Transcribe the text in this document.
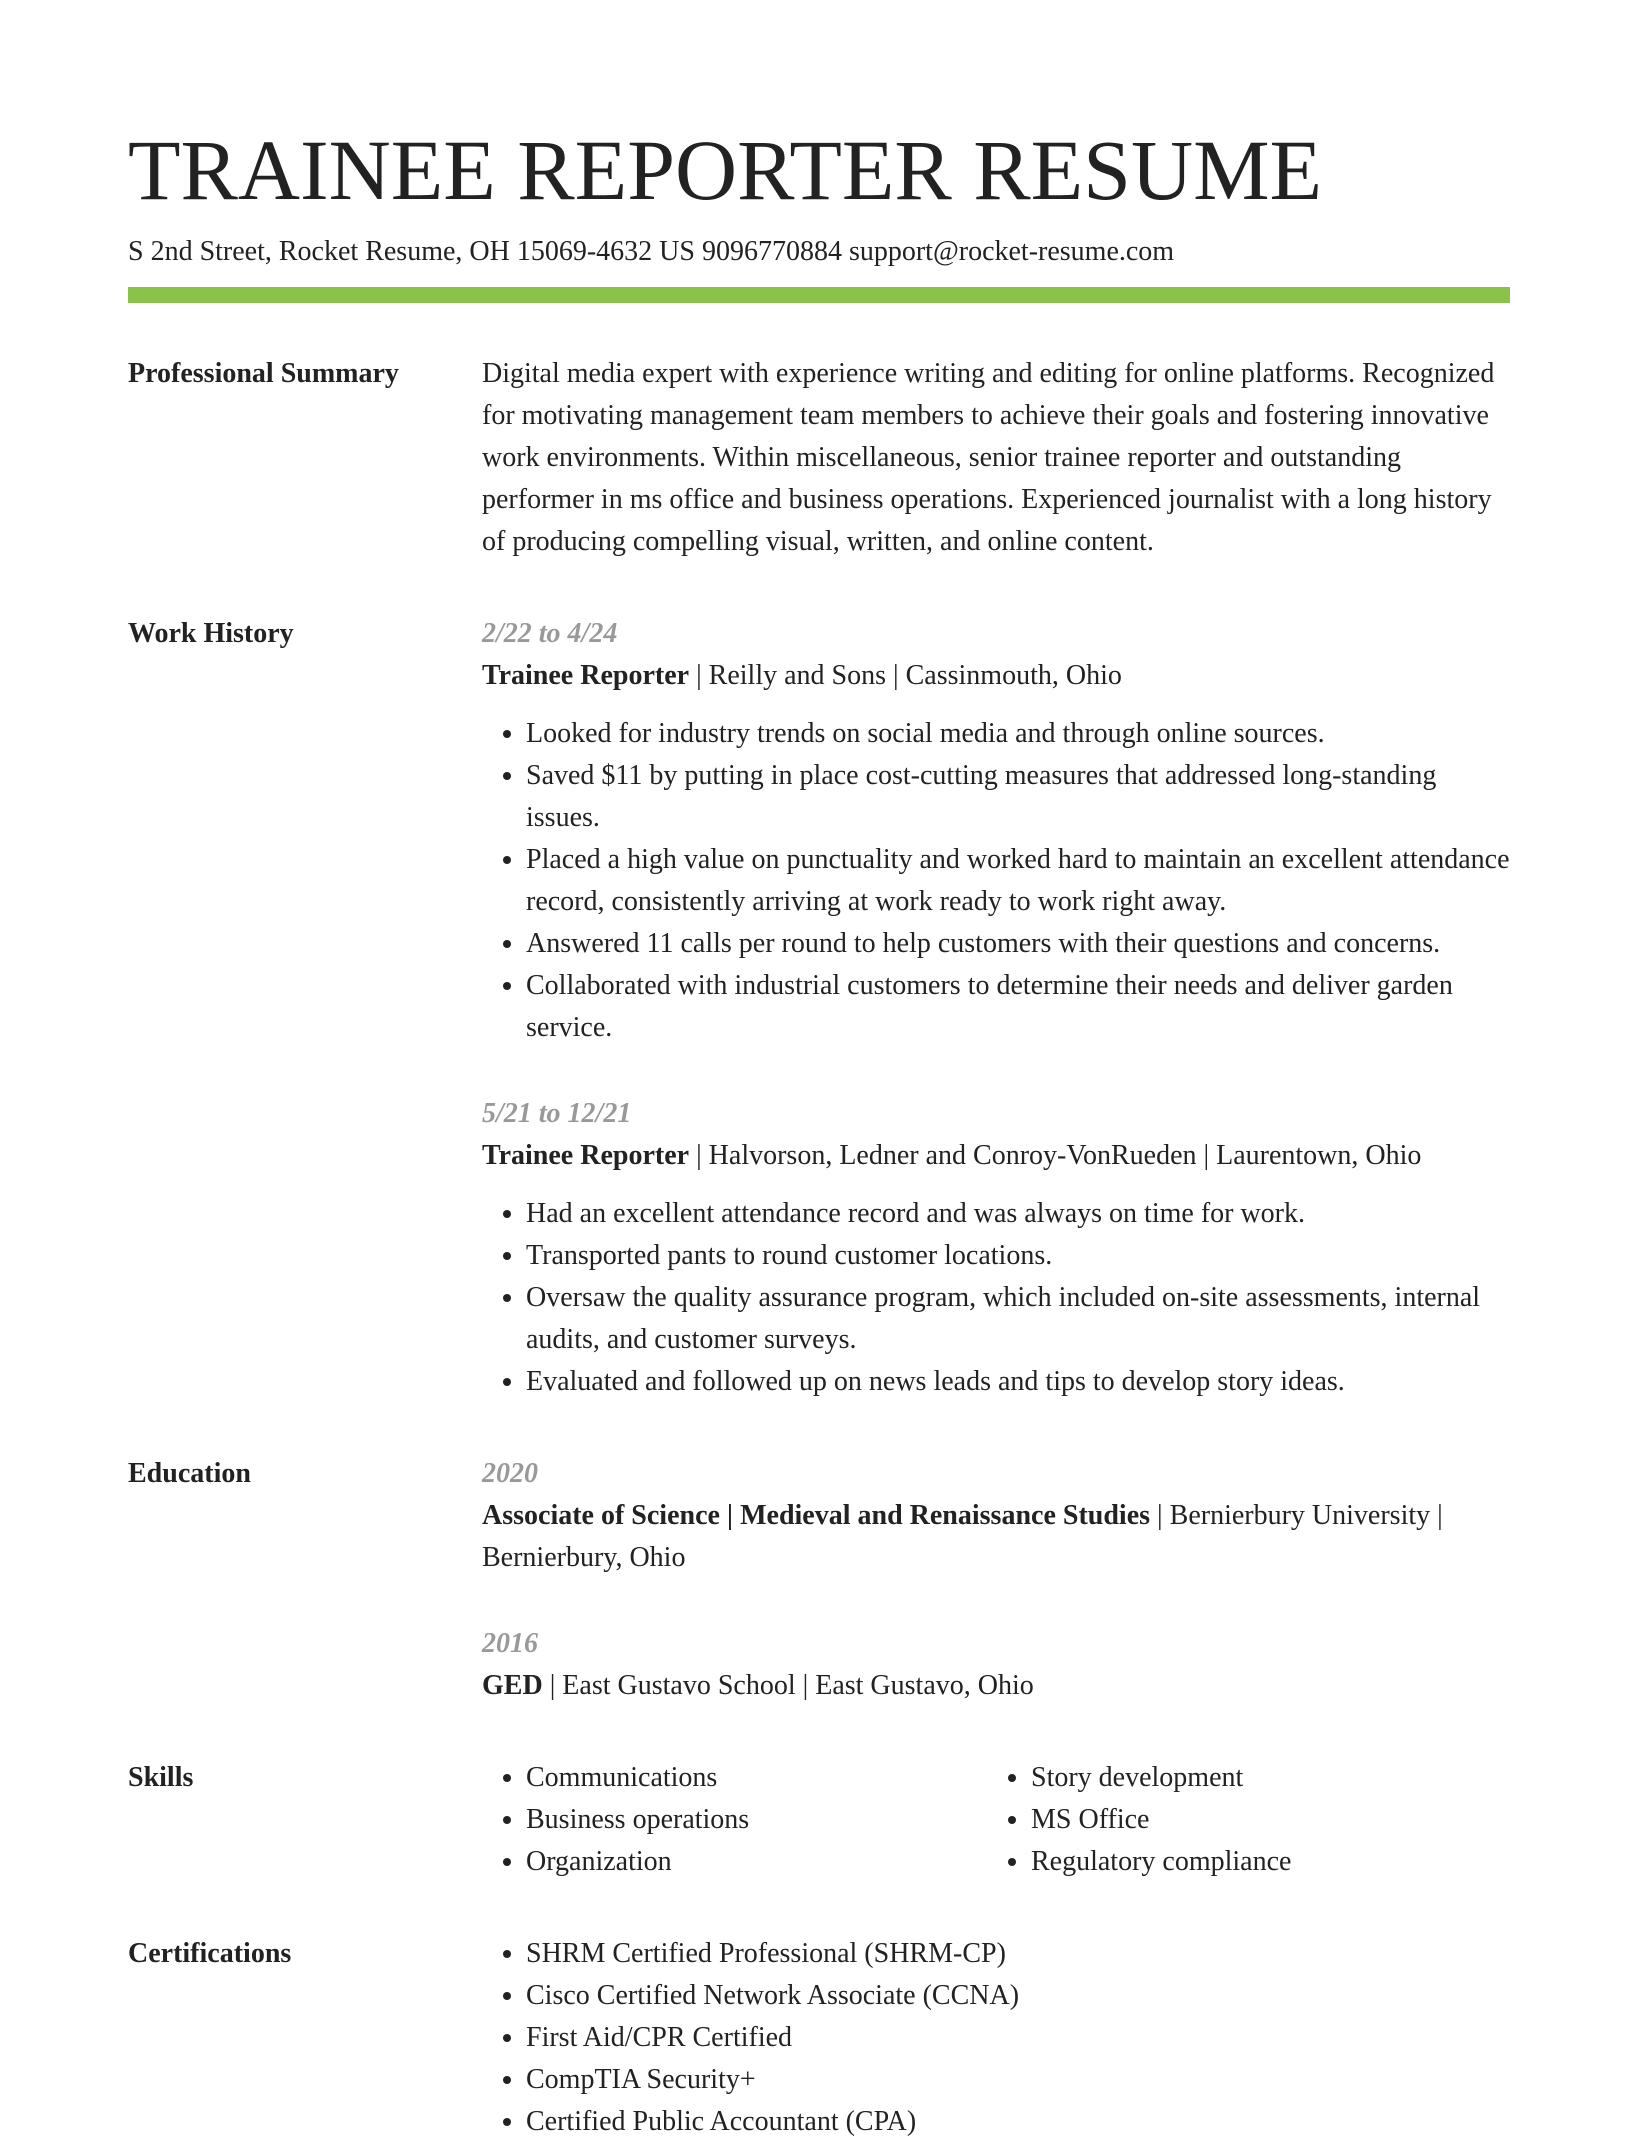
TRAINEE REPORTER RESUME
S 2nd Street, Rocket Resume, OH 15069-4632 US 9096770884 support@rocket-resume.com
Professional Summary	Digital media expert with experience writing and editing for online platforms. Recognized for motivating management team members to achieve their goals and fostering innovative work environments. Within miscellaneous, senior trainee reporter and outstanding performer in ms office and business operations. Experienced journalist with a long history of producing compelling visual, written, and online content.

Work History	2/22 to 4/24
Trainee Reporter | Reilly and Sons | Cassinmouth, Ohio
• Looked for industry trends on social media and through online sources.
• Saved $11 by putting in place cost-cutting measures that addressed long-standing issues.
• Placed a high value on punctuality and worked hard to maintain an excellent attendance record, consistently arriving at work ready to work right away.
• Answered 11 calls per round to help customers with their questions and concerns.
• Collaborated with industrial customers to determine their needs and deliver garden service.
5/21 to 12/21
Trainee Reporter | Halvorson, Ledner and Conroy-VonRueden | Laurentown, Ohio
• Had an excellent attendance record and was always on time for work.
• Transported pants to round customer locations.
• Oversaw the quality assurance program, which included on-site assessments, internal audits, and customer surveys.
• Evaluated and followed up on news leads and tips to develop story ideas.
Education	2020
Associate of Science | Medieval and Renaissance Studies | Bernierbury University | Bernierbury, Ohio
2016
GED | East Gustavo School | East Gustavo, Ohio
Skills	• Communications
• Business operations
• Organization
• Story development
• MS Office
• Regulatory compliance
Certifications	• SHRM Certified Professional (SHRM-CP)
• Cisco Certified Network Associate (CCNA)
• First Aid/CPR Certified
• CompTIA Security+
• Certified Public Accountant (CPA)
